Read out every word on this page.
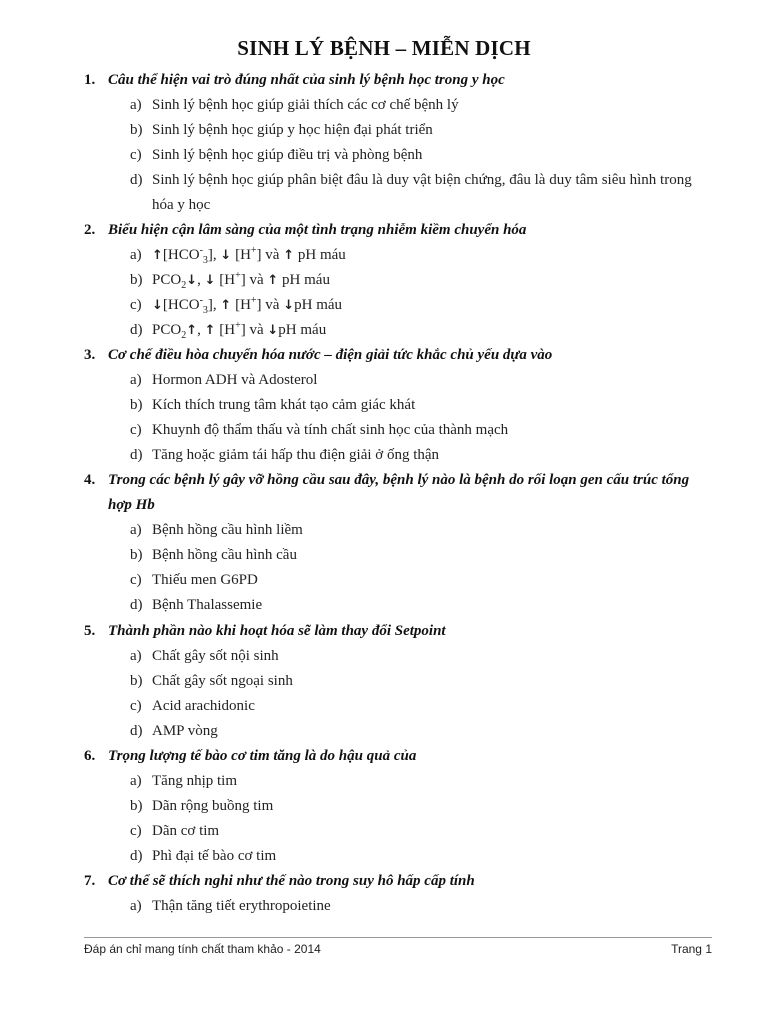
SINH LÝ BỆNH – MIỄN DỊCH
1. Câu thể hiện vai trò đúng nhất của sinh lý bệnh học trong y học
a) Sinh lý bệnh học giúp giải thích các cơ chế bệnh lý
b) Sinh lý bệnh học giúp y học hiện đại phát triển
c) Sinh lý bệnh học giúp điều trị và phòng bệnh
d) Sinh lý bệnh học giúp phân biệt đâu là duy vật biện chứng, đâu là duy tâm siêu hình trong hóa y học
2. Biểu hiện cận lâm sàng của một tình trạng nhiễm kiềm chuyển hóa
a) $↑[HCO^-_3]$, ↓ [H+] và ↑ pH máu
b) $PCO_2↓$, ↓ [H+] và ↑ pH máu
c) $↓[HCO^-_3]$, ↑ [H+] và ↓pH máu
d) $PCO_2↑$, ↑ [H+] và ↓pH máu
3. Cơ chế điều hòa chuyển hóa nước – điện giải tức khắc chủ yếu dựa vào
a) Hormon ADH và Adosterol
b) Kích thích trung tâm khát tạo cảm giác khát
c) Khuynh độ thẩm thấu và tính chất sinh học của thành mạch
d) Tăng hoặc giảm tái hấp thu điện giải ở ống thận
4. Trong các bệnh lý gây vỡ hồng cầu sau đây, bệnh lý nào là bệnh do rối loạn gen cấu trúc tổng hợp Hb
a) Bệnh hồng cầu hình liềm
b) Bệnh hồng cầu hình cầu
c) Thiếu men G6PD
d) Bệnh Thalassemie
5. Thành phần nào khi hoạt hóa sẽ làm thay đổi Setpoint
a) Chất gây sốt nội sinh
b) Chất gây sốt ngoại sinh
c) Acid arachidonic
d) AMP vòng
6. Trọng lượng tế bào cơ tim tăng là do hậu quả của
a) Tăng nhịp tim
b) Dãn rộng buồng tim
c) Dãn cơ tim
d) Phì đại tế bào cơ tim
7. Cơ thể sẽ thích nghi như thế nào trong suy hô hấp cấp tính
a) Thận tăng tiết erythropoietine
Đáp án chỉ mang tính chất tham khảo - 2014	Trang 1
